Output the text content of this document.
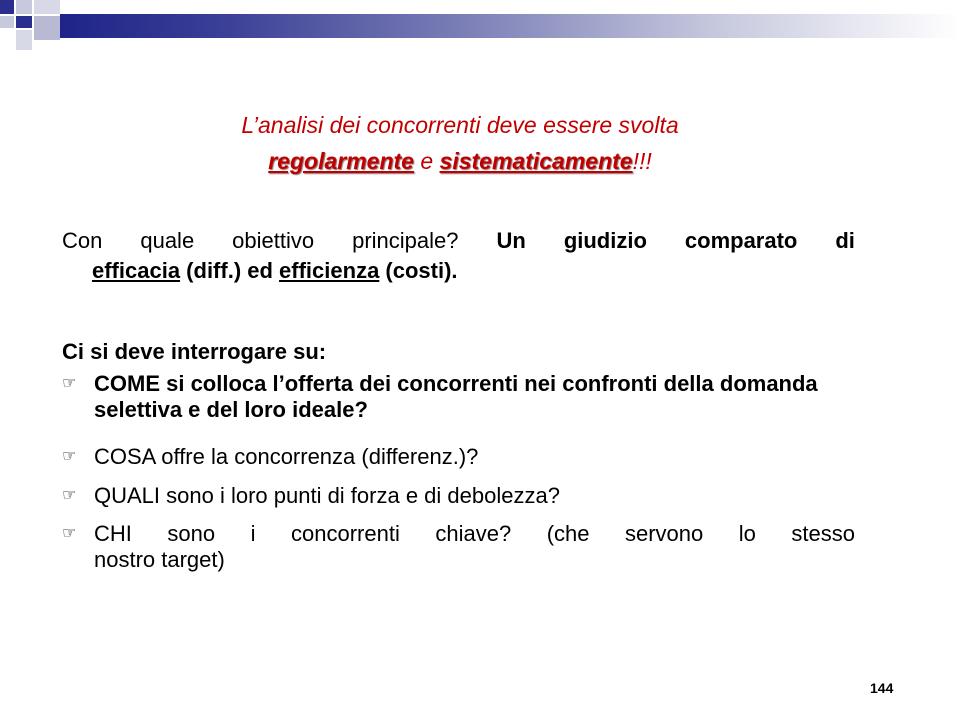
L’analisi dei concorrenti deve essere svolta
regolarmente e sistematicamente!!!
Con quale obiettivo principale? Un giudizio comparato di
efficacia (diff.) ed efficienza (costi).
Ci si deve interrogare su:
☞ COME si colloca l’offerta dei concorrenti nei confronti della domanda selettiva e del loro ideale?
☞ COSA offre la concorrenza (differenz.)?
☞ QUALI sono i loro punti di forza e di debolezza?
☞ CHI sono i concorrenti chiave? (che servono lo stesso
nostro target)
144
